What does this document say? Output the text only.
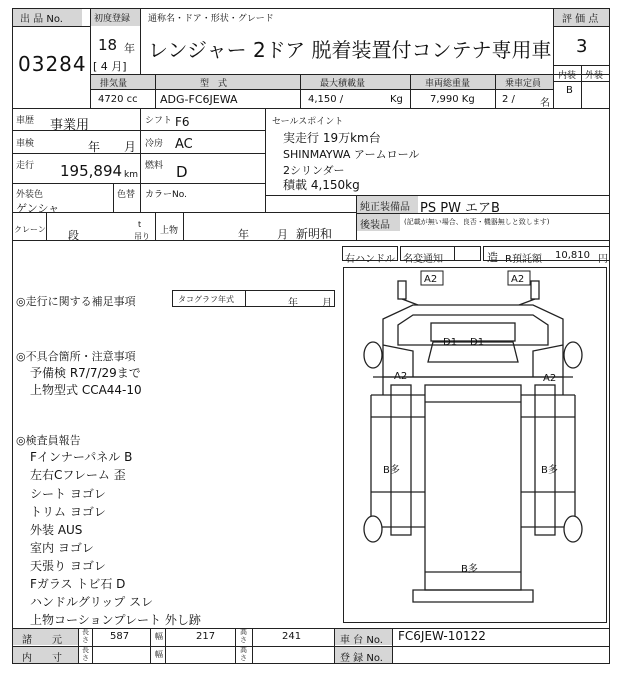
出 品 No.
03284
初度登録
18 年
[ 4 月]
通称名・ドア・形状・グレード
レンジャー 2ドア 脱着装置付コンテナ専用車
評 価 点
3
内装 外装
B
排気量
4720 cc
型　式
ADG-FC6JEWA
最大積載量
4,150 /	Kg
車両総重量
7,990 Kg
乗車定員
2 /	名
車歴 事業用	シフト F6
車検	年 月 冷房 AC
走行 195,894 km
燃料 D
外装色
ゲンシャ
色替 カラーNo.
セールスポイント
実走行 19万km台
SHINMAYWA アームロール
2シリンダー
積載 4,150kg
純正装備品 PS PW エアB
後装品 (記載が無い場合、良否・機器無しと致します)
クレーン 段
t
吊り
上物	年	月 新明和
右ハンドル 名変通知	造 R預託額 10,810 円
◎走行に関する補足事項	タコグラフ年式	年 月
◎不具合箇所・注意事項
予備検 R7/7/29まで
上物型式 CCA44-10
◎検査員報告
Fインナーパネル B
左右Cフレーム 歪
シート ヨゴレ
トリム ヨゴレ
外装 AUS
室内 ヨゴレ
天張り ヨゴレ
Fガラス トビ石 D
ハンドルグリップ スレ
上物コーションプレート 外し跡
諸　　元
内　　寸
長さ	587	幅	217	高さ	241
長さ	幅	高さ
車 台 No. FC6JEW-10122
登 録 No.
A2	A2
D1 D1
A2	A2
B多	B多
B多
